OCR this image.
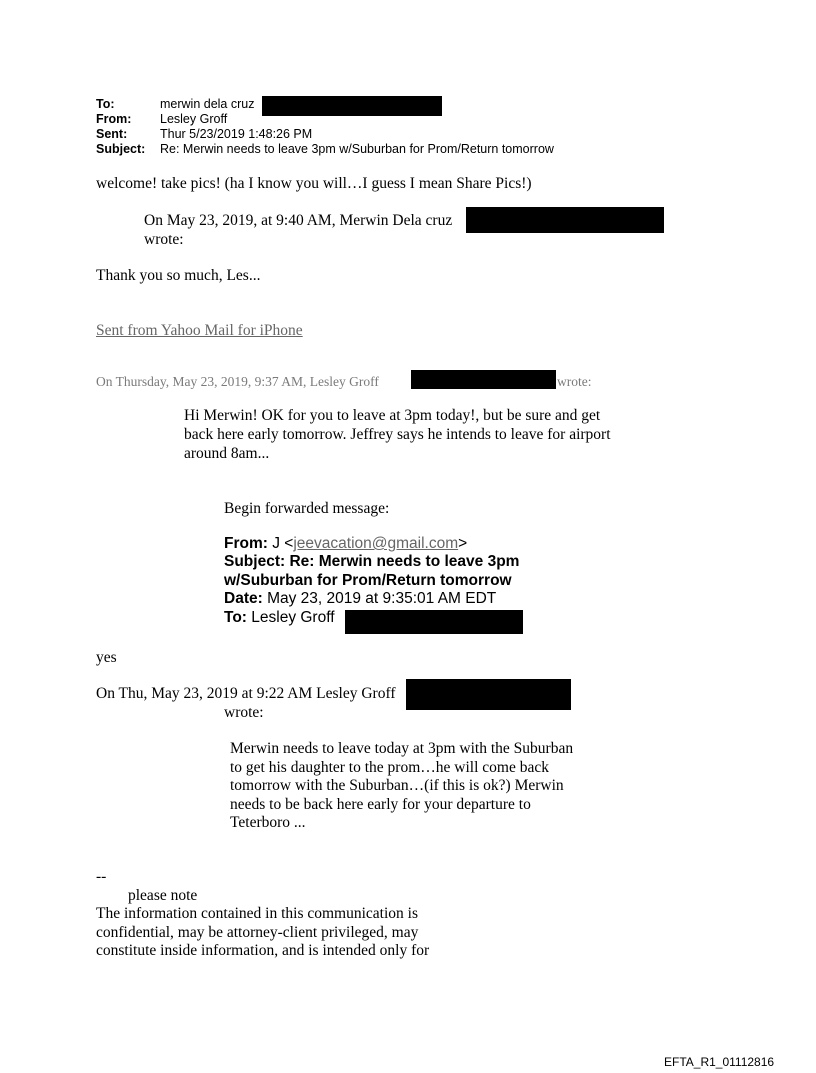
To:	merwin dela cruz
From: Lesley Groff
Sent:	Thur 5/23/2019 1:48:26 PM
Subject: Re: Merwin needs to leave 3pm w/Suburban for Prom/Return tomorrow
welcome! take pics! (ha I know you will…I guess I mean Share Pics!)
On May 23, 2019, at 9:40 AM, Merwin Dela cruz
wrote:
Thank you so much, Les...
Sent from Yahoo Mail for iPhone
On Thursday, May 23, 2019, 9:37 AM, Lesley Groff	wrote:
Hi Merwin! OK for you to leave at 3pm today!, but be sure and get
back here early tomorrow. Jeffrey says he intends to leave for airport
around 8am...
Begin forwarded message:
From: J <jeevacation@gmail.com>
Subject: Re: Merwin needs to leave 3pm
w/Suburban for Prom/Return tomorrow
Date: May 23, 2019 at 9:35:01 AM EDT
To: Lesley Groff
yes
On Thu, May 23, 2019 at 9:22 AM Lesley Groff
wrote:
Merwin needs to leave today at 3pm with the Suburban
to get his daughter to the prom…he will come back
tomorrow with the Suburban…(if this is ok?) Merwin
needs to be back here early for your departure to
Teterboro ...
--
please note
The information contained in this communication is
confidential, may be attorney-client privileged, may
constitute inside information, and is intended only for
EFTA_R1_01112816
